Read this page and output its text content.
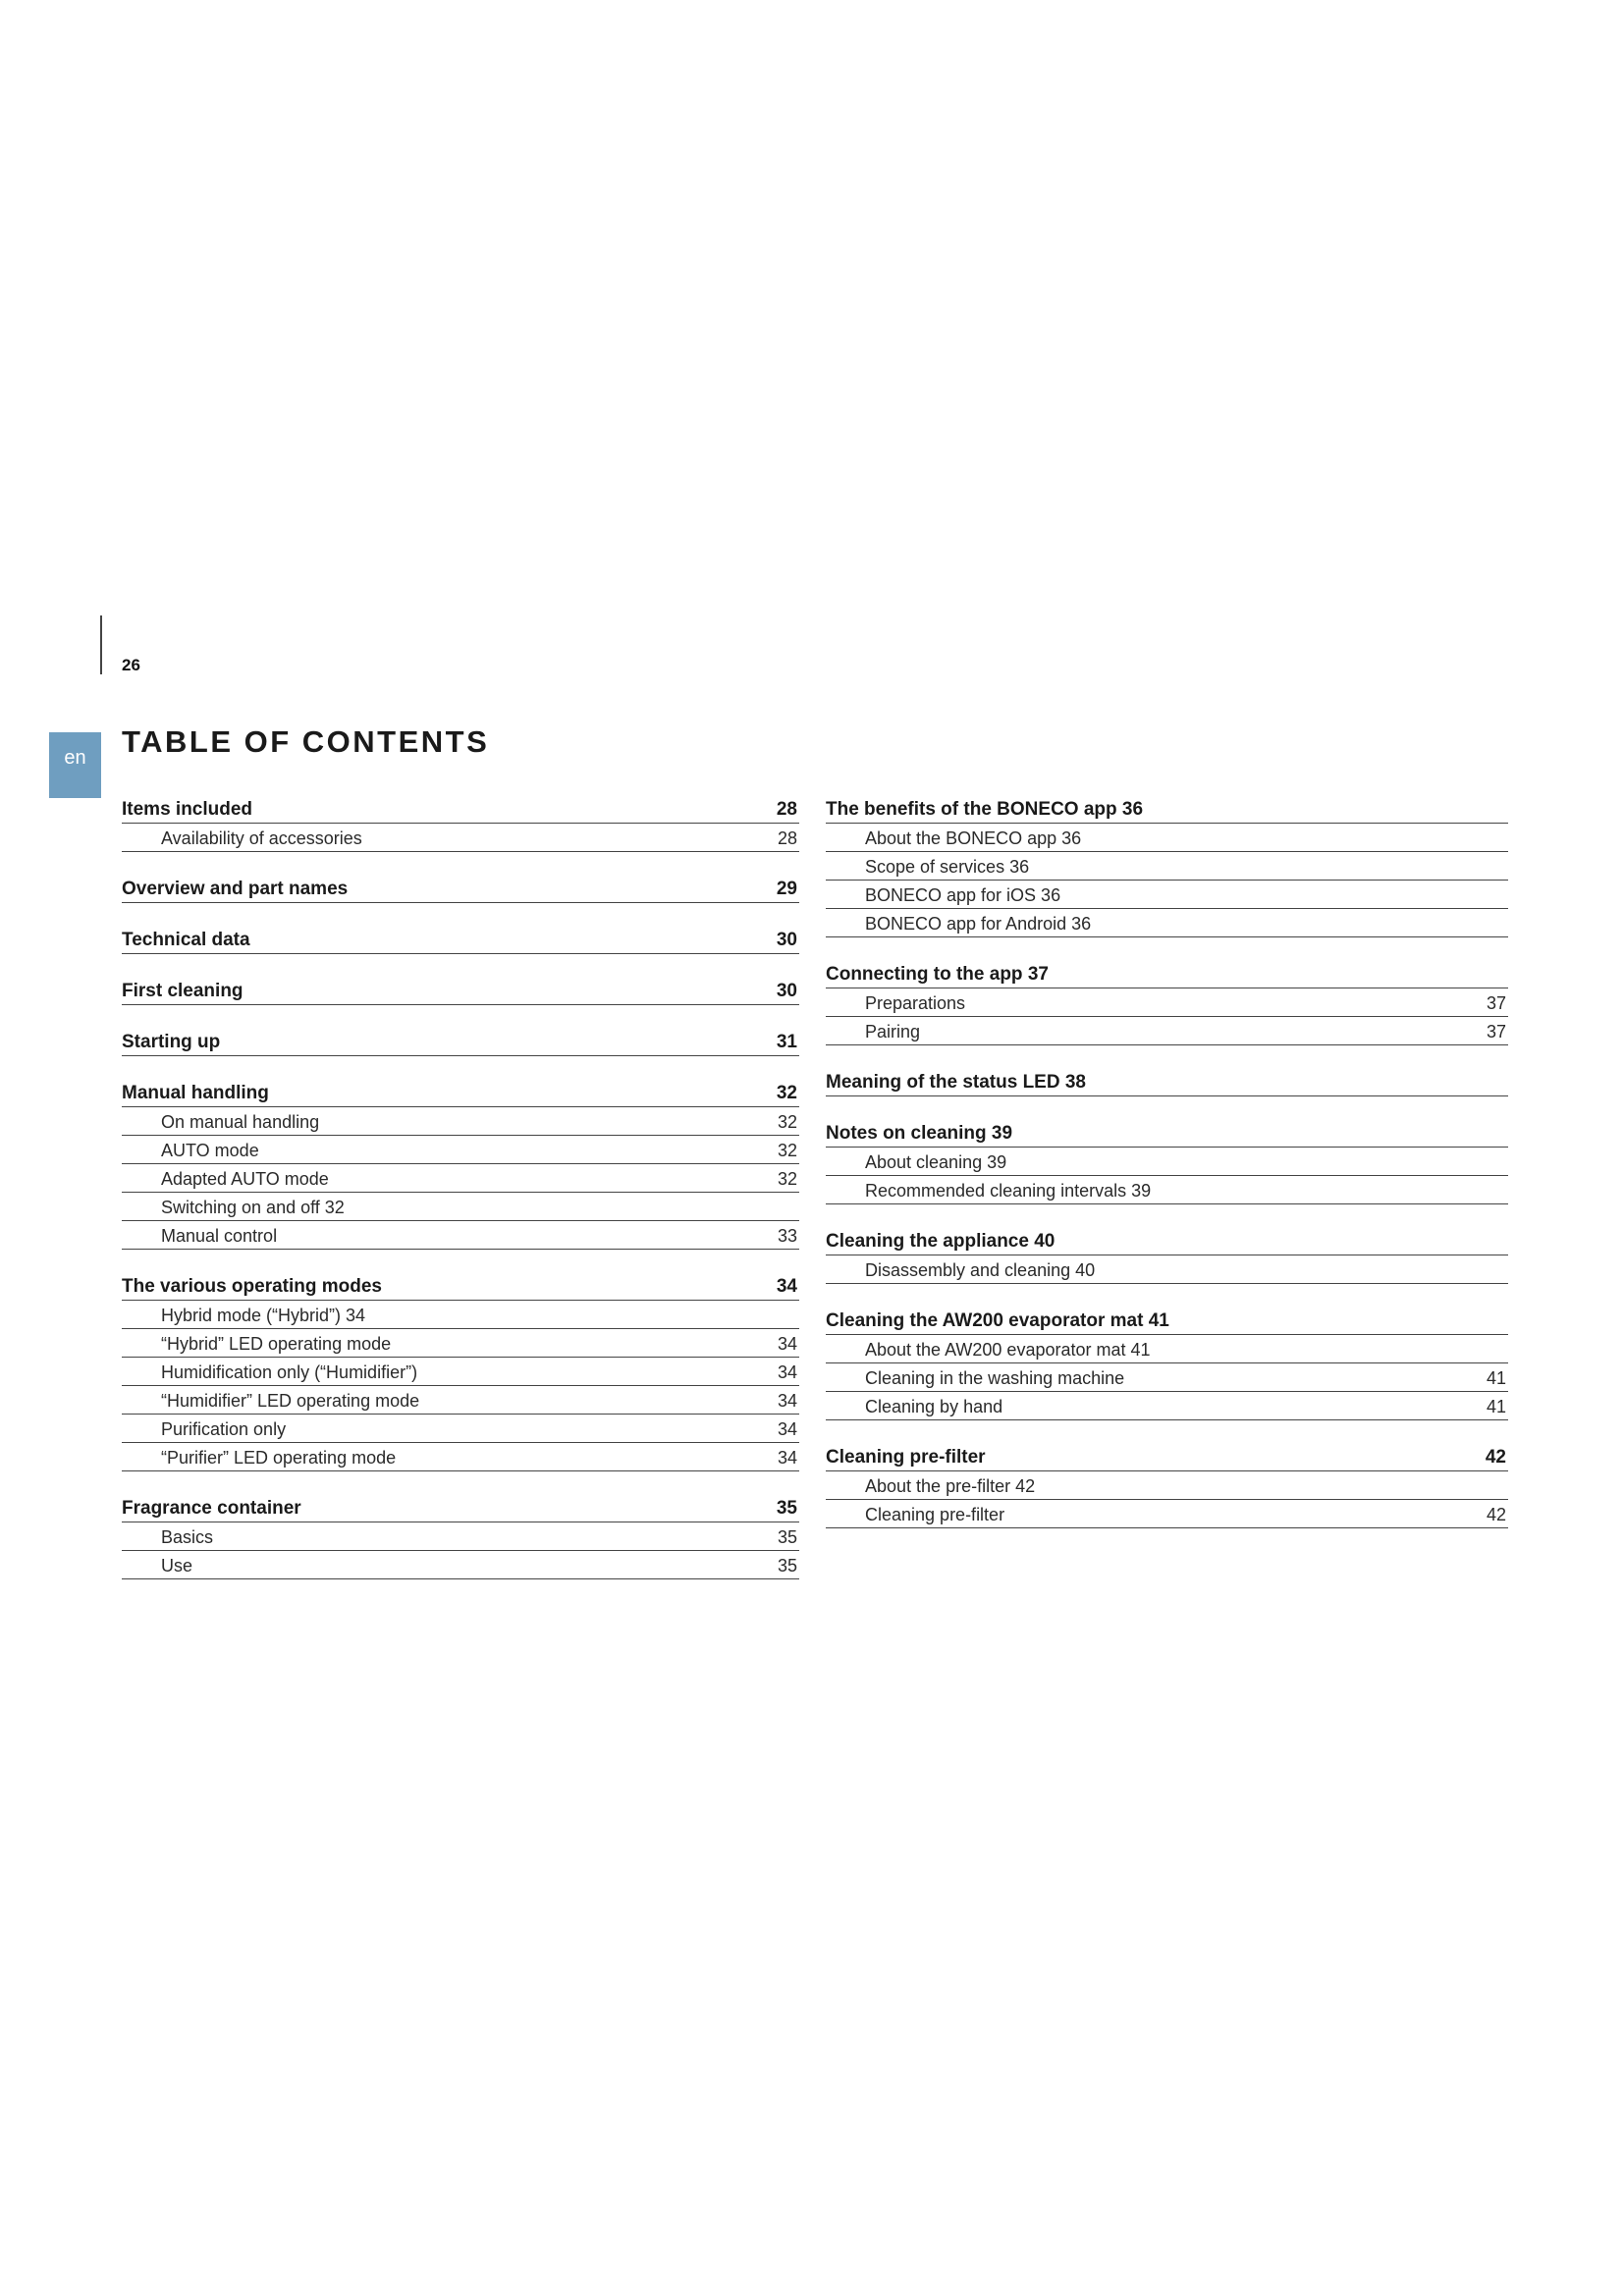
26
en	TABLE OF CONTENTS
Items included	28
Availability of accessories	28
Overview and part names	29
Technical data	30
First cleaning	30
Starting up	31
Manual handling	32
On manual handling	32
AUTO mode	32
Adapted AUTO mode	32
Switching on and off 32
Manual control	33
The various operating modes	34
Hybrid mode (“Hybrid”) 34
“Hybrid” LED operating mode	34
Humidification only (“Humidifier”)	34
“Humidifier” LED operating mode	34
Purification only	34
“Purifier” LED operating mode	34
Fragrance container	35
Basics	35
Use	35
The benefits of the BONECO app 36
About the BONECO app 36
Scope of services 36
BONECO app for iOS 36
BONECO app for Android 36
Connecting to the app 37
Preparations	37
Pairing	37
Meaning of the status LED 38
Notes on cleaning 39
About cleaning 39
Recommended cleaning intervals 39
Cleaning the appliance 40
Disassembly and cleaning 40
Cleaning the AW200 evaporator mat 41
About the AW200 evaporator mat 41
Cleaning in the washing machine	41
Cleaning by hand	41
Cleaning pre-filter	42
About the pre-filter 42
Cleaning pre-filter	42
